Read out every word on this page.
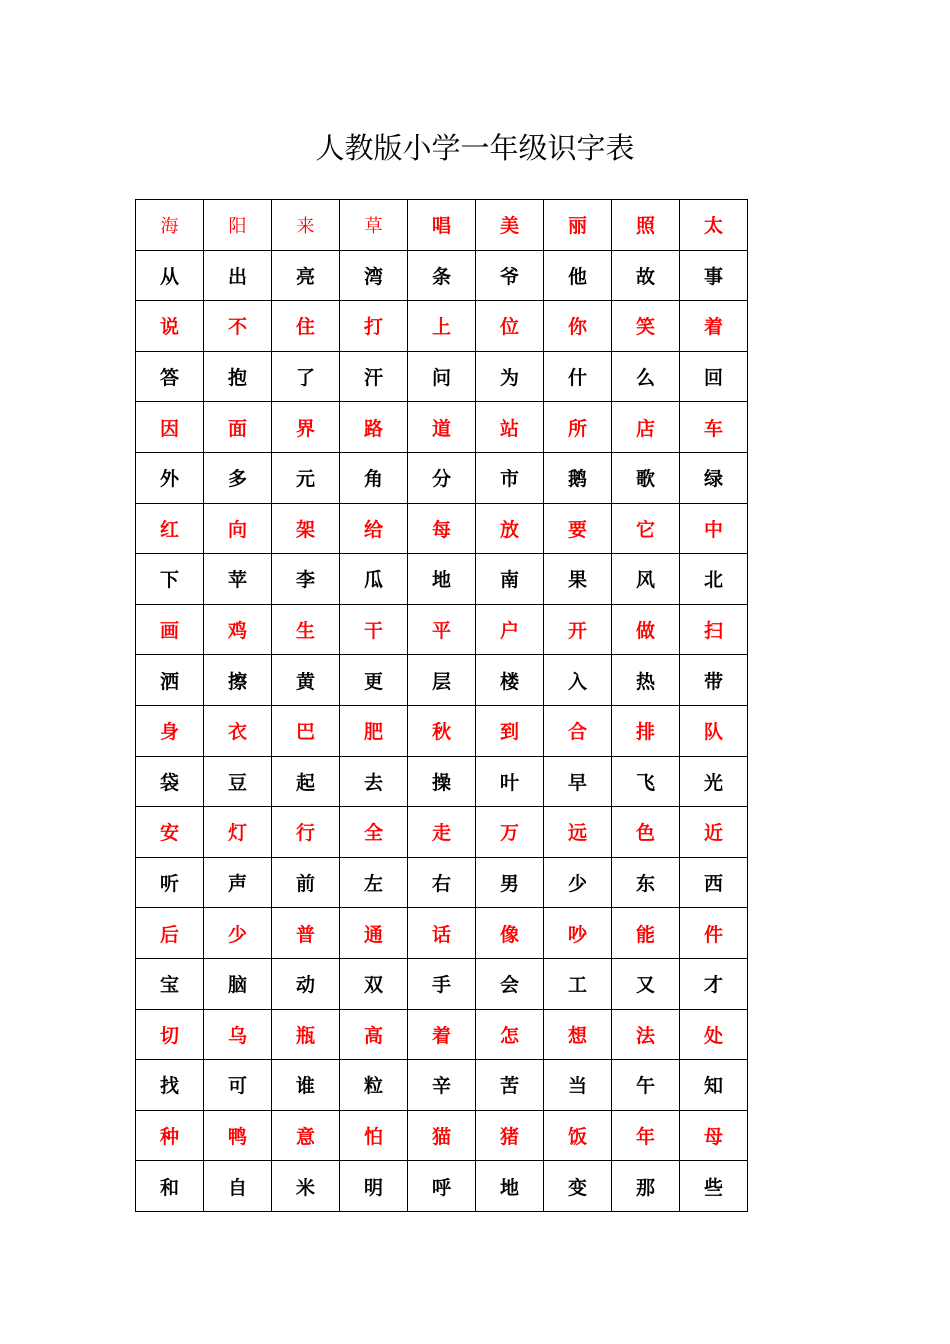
人教版小学一年级识字表
海	阳	来	草	唱	美	丽	照	太
从	出	亮	湾	条	爷	他	故	事
说	不	住	打	上	位	你	笑	着
答	抱	了	汗	问	为	什	么	回
因	面	界	路	道	站	所	店	车
外	多	元	角	分	市	鹅	歌	绿
红	向	架	给	每	放	要	它	中
下	苹	李	瓜	地	南	果	风	北
画	鸡	生	干	平	户	开	做	扫
洒	擦	黄	更	层	楼	入	热	带
身	衣	巴	肥	秋	到	合	排	队
袋	豆	起	去	操	叶	早	飞	光
安	灯	行	全	走	万	远	色	近
听	声	前	左	右	男	少	东	西
后	少	普	通	话	像	吵	能	件
宝	脑	动	双	手	会	工	又	才
切	乌	瓶	高	着	怎	想	法	处
找	可	谁	粒	辛	苦	当	午	知
种	鸭	意	怕	猫	猪	饭	年	母
和	自	米	明	呼	地	变	那	些
